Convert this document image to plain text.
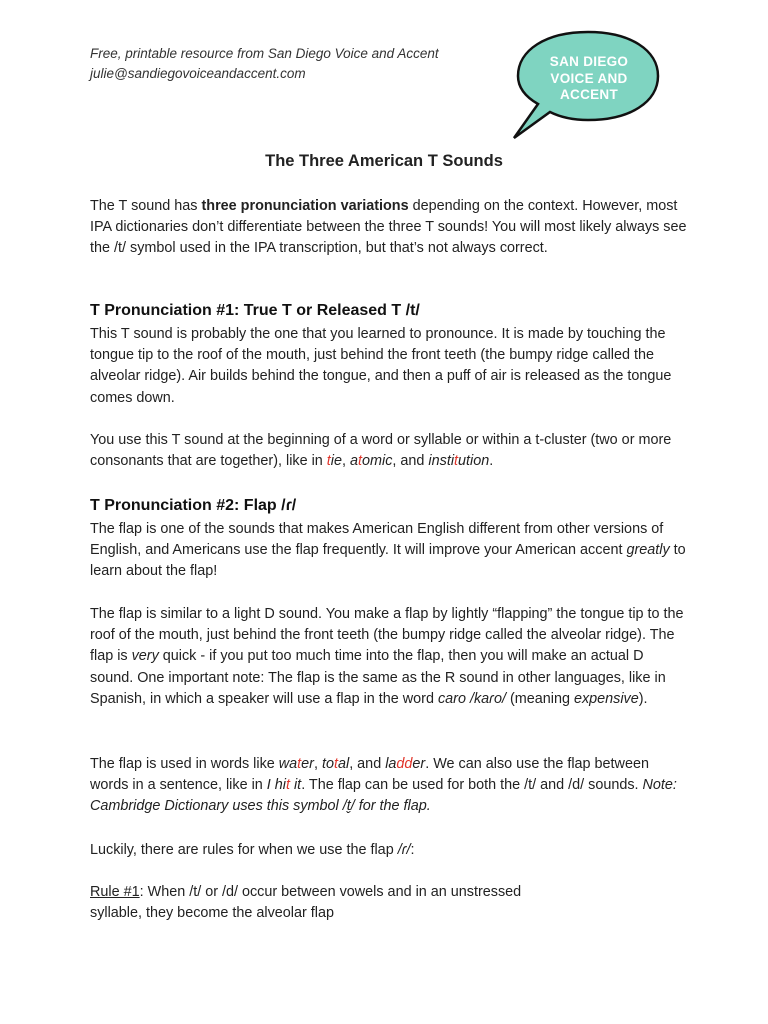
Free, printable resource from San Diego Voice and Accent
julie@sandiegovoiceandaccent.com
SAN DIEGO
VOICE AND
ACCENT
The Three American T Sounds

The T sound has three pronunciation variations depending on the context. However, most IPA dictionaries don’t differentiate between the three T sounds! You will most likely always see the /t/ symbol used in the IPA transcription, but that’s not always correct.

T Pronunciation #1: True T or Released T /t/

This T sound is probably the one that you learned to pronounce. It is made by touching the tongue tip to the roof of the mouth, just behind the front teeth (the bumpy ridge called the alveolar ridge). Air builds behind the tongue, and then a puff of air is released as the tongue comes down.

You use this T sound at the beginning of a word or syllable or within a t-cluster (two or more consonants that are together), like in tie, atomic, and institution.

T Pronunciation #2: Flap /ɾ/

The flap is one of the sounds that makes American English different from other versions of English, and Americans use the flap frequently. It will improve your American accent greatly to learn about the flap!

The flap is similar to a light D sound. You make a flap by lightly “flapping” the tongue tip to the roof of the mouth, just behind the front teeth (the bumpy ridge called the alveolar ridge). The flap is very quick - if you put too much time into the flap, then you will make an actual D sound. One important note: The flap is the same as the R sound in other languages, like in Spanish, in which a speaker will use a flap in the word caro /kaɾo/ (meaning expensive).

The flap is used in words like water, total, and ladder. We can also use the flap between words in a sentence, like in I hit it. The flap can be used for both the /t/ and /d/ sounds. Note: Cambridge Dictionary uses this symbol /t̬/ for the flap.

Luckily, there are rules for when we use the flap /ɾ/:

Rule #1: When /t/ or /d/ occur between vowels and in an unstressed syllable, they become the alveolar flap
